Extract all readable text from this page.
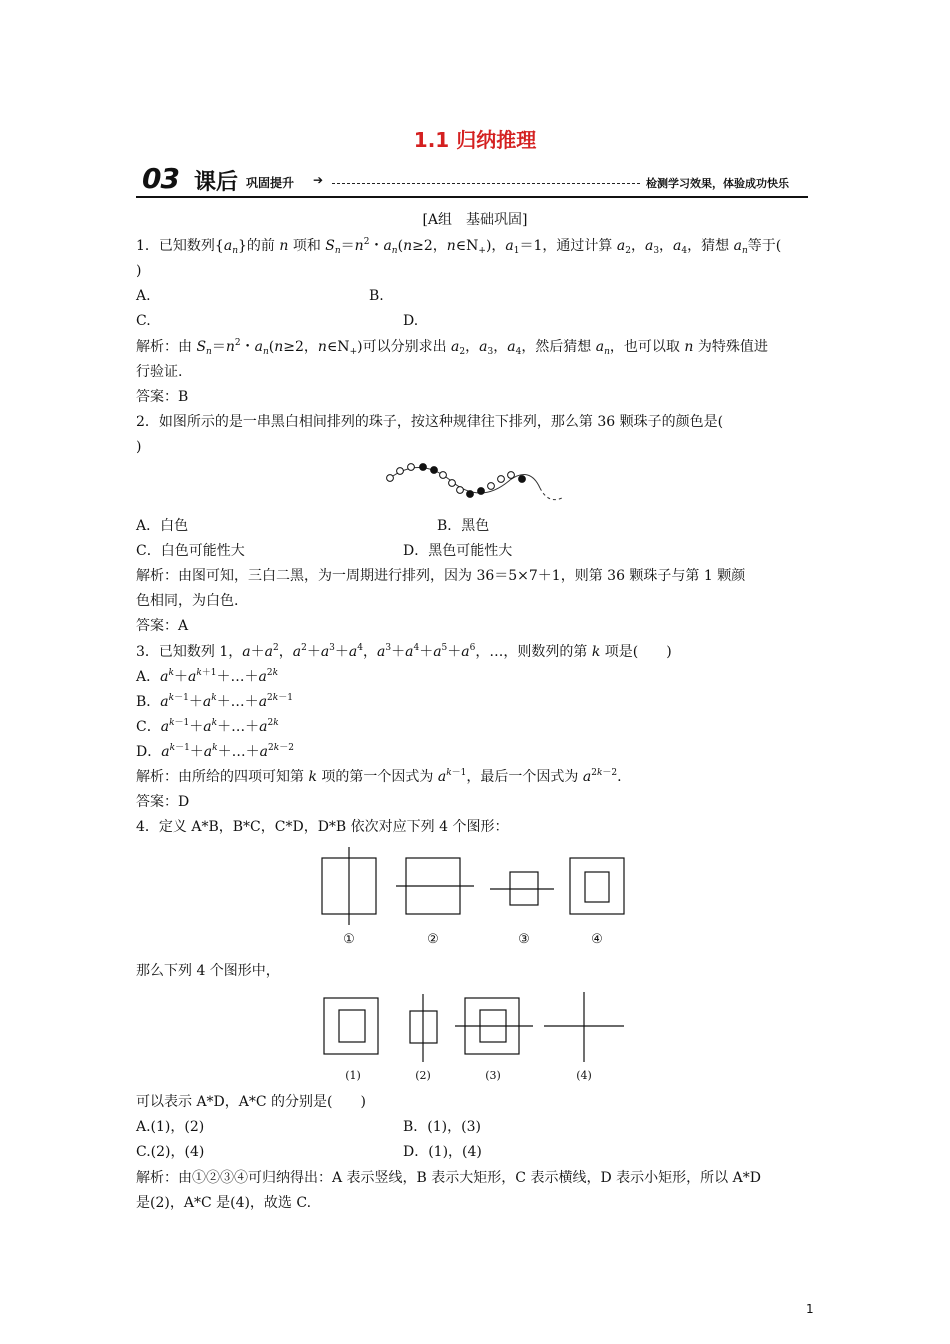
1.1 归纳推理
03 课后 巩固提升 ➔	检测学习效果，体验成功快乐
[A组　基础巩固]
1．已知数列$\{a_n\}$的前 n 项和 $S_n=n^2$・$a_n(n\ge 2$，$n\in N_+$)，$a_1=1$，通过计算 $a_2$，$a_3$，$a_4$，猜想 $a_n$等于(
)
A.	B.
C.	D.
解析：由 $S_n=n^2$・$a_n(n\ge 2$，$n\in N_+$)可以分别求出 $a_2$，$a_3$，$a_4$，然后猜想 $a_n$，也可以取 n 为特殊值进
行验证.
答案：B
2．如图所示的是一串黑白相间排列的珠子，按这种规律往下排列，那么第 36 颗珠子的颜色是(
)
A．白色	B．黑色
C．白色可能性大	D．黑色可能性大
解析：由图可知，三白二黑，为一周期进行排列，因为 36＝5×7＋1，则第 36 颗珠子与第 1 颗颜
色相同，为白色.
答案：A
3．已知数列 1，$a+a^2$，$a^2+a^3+a^4$，$a^3+a^4+a^5+a^6$，…，则数列的第 k 项是(　　)
A．$a^k+a^{k+1}+\dots+a^{2k}$
B．$a^{k-1}+a^k+\dots+a^{2k-1}$
C．$a^{k-1}+a^k+\dots+a^{2k}$
D．$a^{k-1}+a^k+\dots+a^{2k-2}$
解析：由所给的四项可知第 k 项的第一个因式为 $a^{k-1}$，最后一个因式为 $a^{2k-2}$.
答案：D
4．定义 A*B，B*C，C*D，D*B 依次对应下列 4 个图形：
①	②	③	④
那么下列 4 个图形中，
(1)	(2)	(3)	(4)
可以表示 A*D，A*C 的分别是(　　)
A.(1)，(2)	B．(1)，(3)
C.(2)，(4)	D．(1)，(4)
解析：由①②③④可归纳得出：A 表示竖线，B 表示大矩形，C 表示横线，D 表示小矩形，所以 A*D
是(2)，A*C 是(4)，故选 C.
1
